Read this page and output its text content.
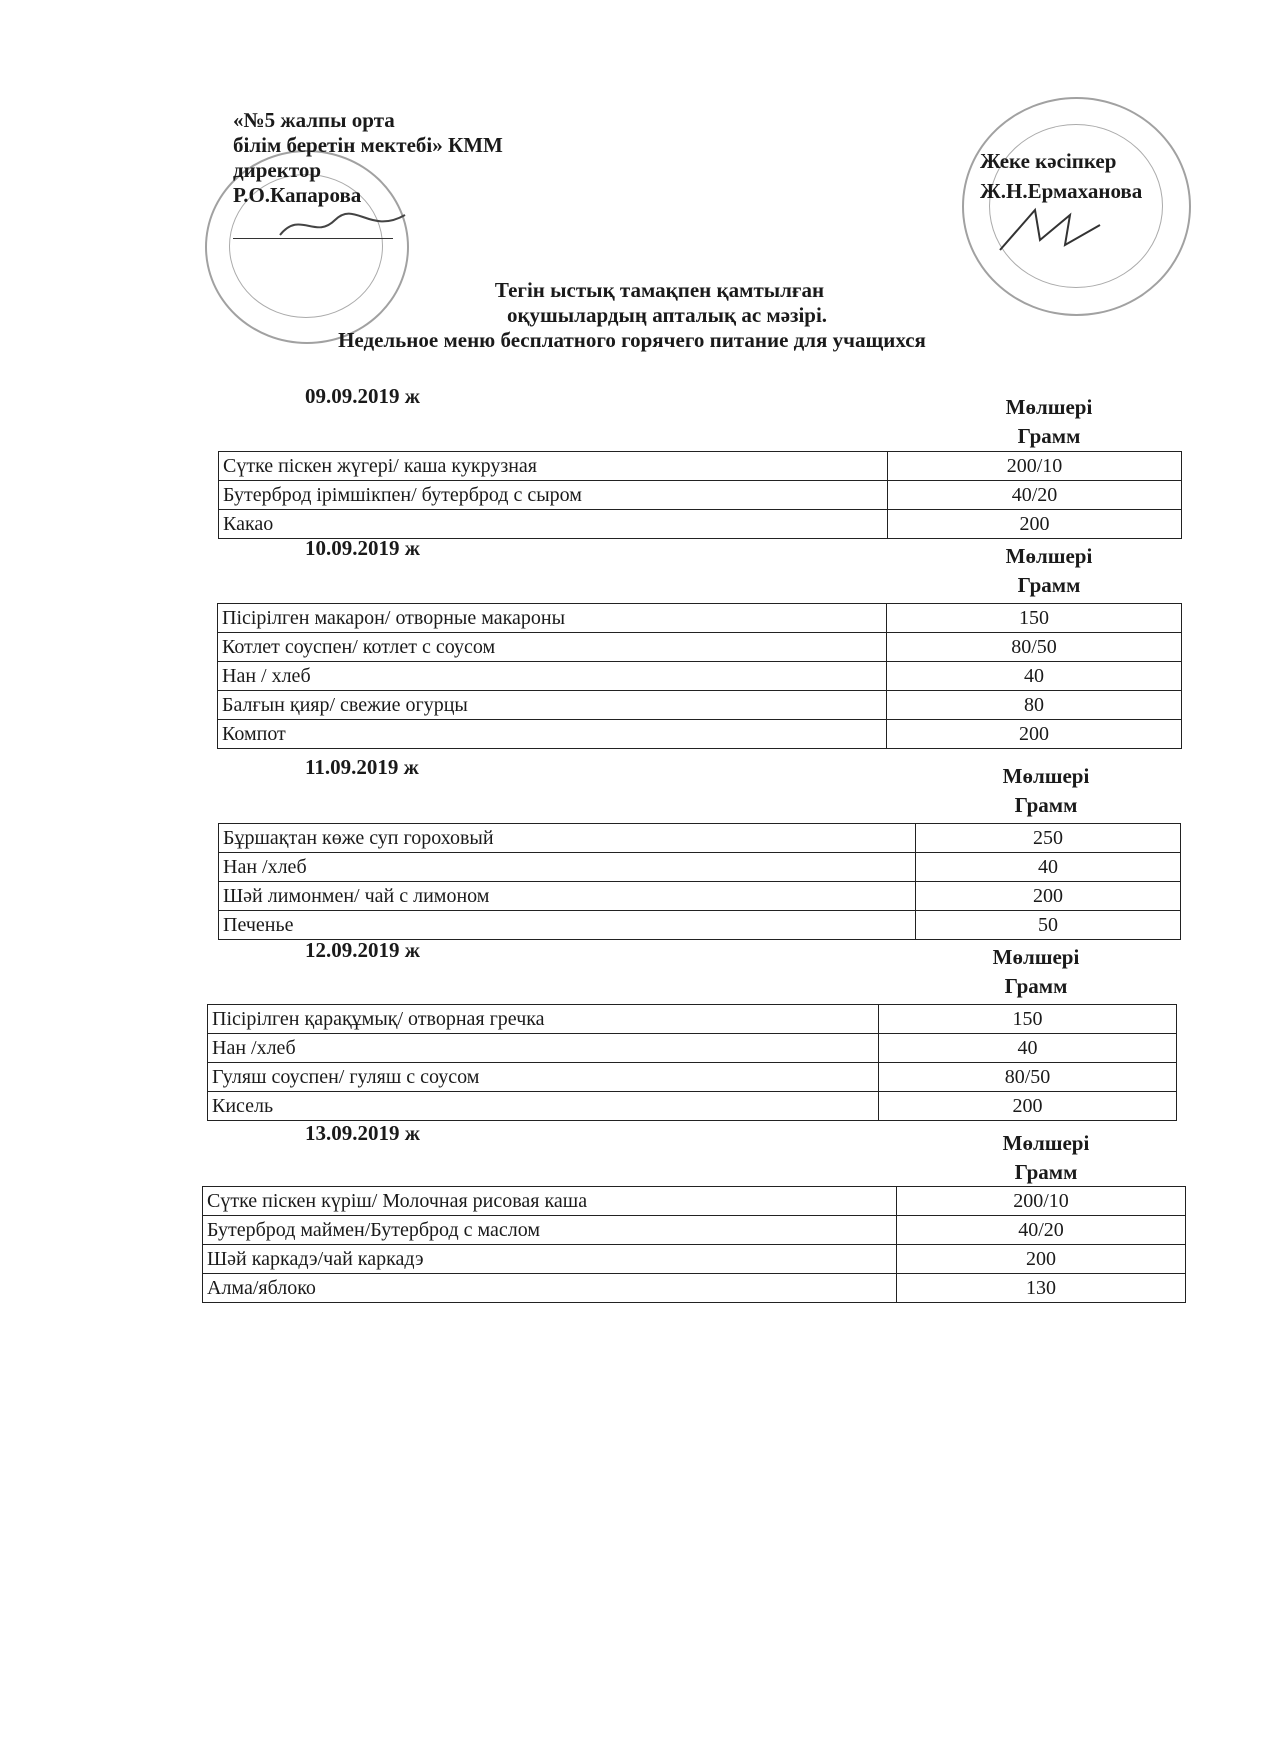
«№5 жалпы орта
білім беретін мектебі» КММ
директор
Р.О.Капарова
Жеке кәсіпкер
Ж.Н.Ермаханова
Тегін ыстық тамақпен қамтылған
оқушылардың апталық ас мәзірі.
Недельное меню бесплатного горячего питание для учащихся
09.09.2019 ж	Мөлшері
Грамм
Сүтке піскен жүгері/ каша кукрузная	200/10
Бутерброд ірімшікпен/ бутерброд с сыром	40/20
Какао	200
10.09.2019 ж	Мөлшері
Грамм
Пісірілген макарон/ отворные макароны	150
Котлет соуспен/ котлет с соусом	80/50
Нан / хлеб	40
Балғын қияр/ свежие огурцы	80
Компот	200
11.09.2019 ж	Мөлшері
Грамм
Бұршақтан көже суп гороховый	250
Нан /хлеб	40
Шәй лимонмен/ чай с лимоном	200
Печенье	50
12.09.2019 ж	Мөлшері
Грамм
Пісірілген қарақұмық/ отворная гречка	150
Нан /хлеб	40
Гуляш соуспен/ гуляш с соусом	80/50
Кисель	200
13.09.2019 ж	Мөлшері
Грамм
Сүтке піскен күріш/ Молочная рисовая каша	200/10
Бутерброд маймен/Бутерброд с маслом	40/20
Шәй каркадэ/чай каркадэ	200
Алма/яблоко	130
